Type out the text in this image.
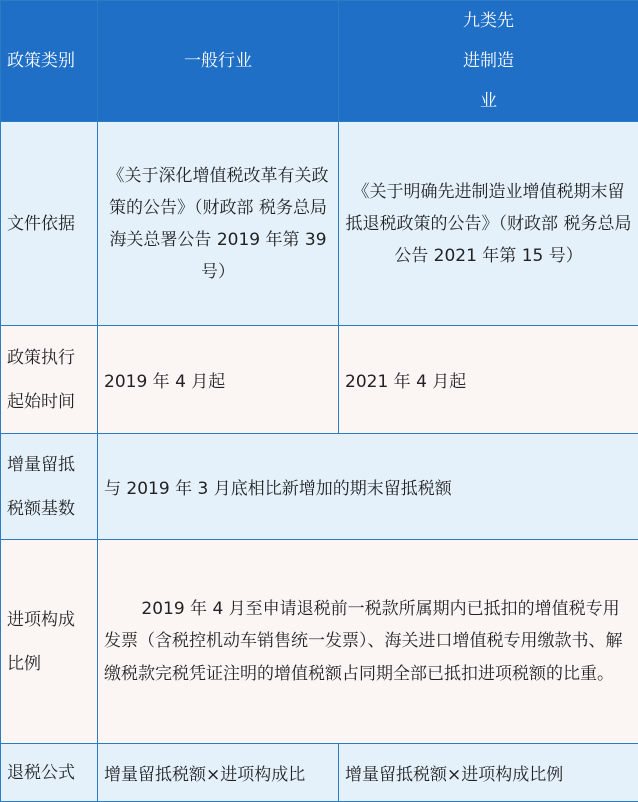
政策类别	一般行业	九类先进制造业

文件依据	《关于深化增值税改革有关政策的公告》（财政部 税务总局 海关总署公告 2019 年第 39 号）	《关于明确先进制造业增值税期末留抵退税政策的公告》（财政部 税务总局公告 2021 年第 15 号）

政策执行起始时间	2019 年 4 月起	2021 年 4 月起

增量留抵税额基数	与 2019 年 3 月底相比新增加的期末留抵税额	

进项构成比例	2019 年 4 月至申请退税前一税款所属期内已抵扣的增值税专用发票（含税控机动车销售统一发票）、海关进口增值税专用缴款书、解缴税款完税凭证注明的增值税额占同期全部已抵扣进项税额的比重。	

退税公式	增量留抵税额×进项构成比	增量留抵税额×进项构成比例
